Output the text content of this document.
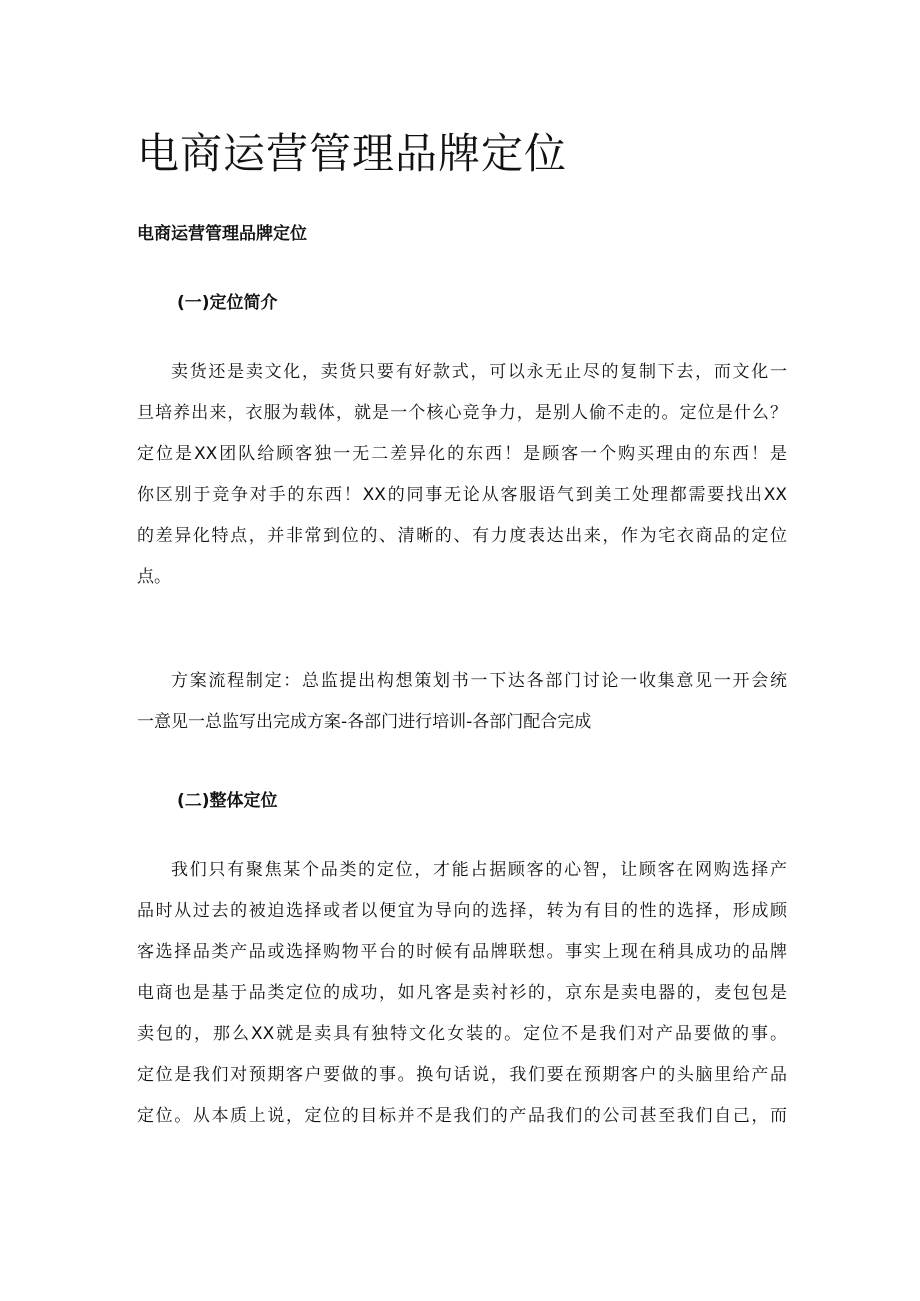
电商运营管理品牌定位
电商运营管理品牌定位
(一)定位简介
卖货还是卖文化，卖货只要有好款式，可以永无止尽的复制下去，而文化一
旦培养出来，衣服为载体，就是一个核心竞争力，是别人偷不走的。定位是什么？
定位是XX团队给顾客独一无二差异化的东西！是顾客一个购买理由的东西！是
你区别于竞争对手的东西！XX的同事无论从客服语气到美工处理都需要找出XX
的差异化特点，并非常到位的、清晰的、有力度表达出来，作为宅衣商品的定位
点。
方案流程制定：总监提出构想策划书一下达各部门讨论一收集意见一开会统
一意见一总监写出完成方案-各部门进行培训-各部门配合完成
(二)整体定位
我们只有聚焦某个品类的定位，才能占据顾客的心智，让顾客在网购选择产
品时从过去的被迫选择或者以便宜为导向的选择，转为有目的性的选择，形成顾
客选择品类产品或选择购物平台的时候有品牌联想。事实上现在稍具成功的品牌
电商也是基于品类定位的成功，如凡客是卖衬衫的，京东是卖电器的，麦包包是
卖包的，那么XX就是卖具有独特文化女装的。定位不是我们对产品要做的事。
定位是我们对预期客户要做的事。换句话说，我们要在预期客户的头脑里给产品
定位。从本质上说，定位的目标并不是我们的产品我们的公司甚至我们自己，而
